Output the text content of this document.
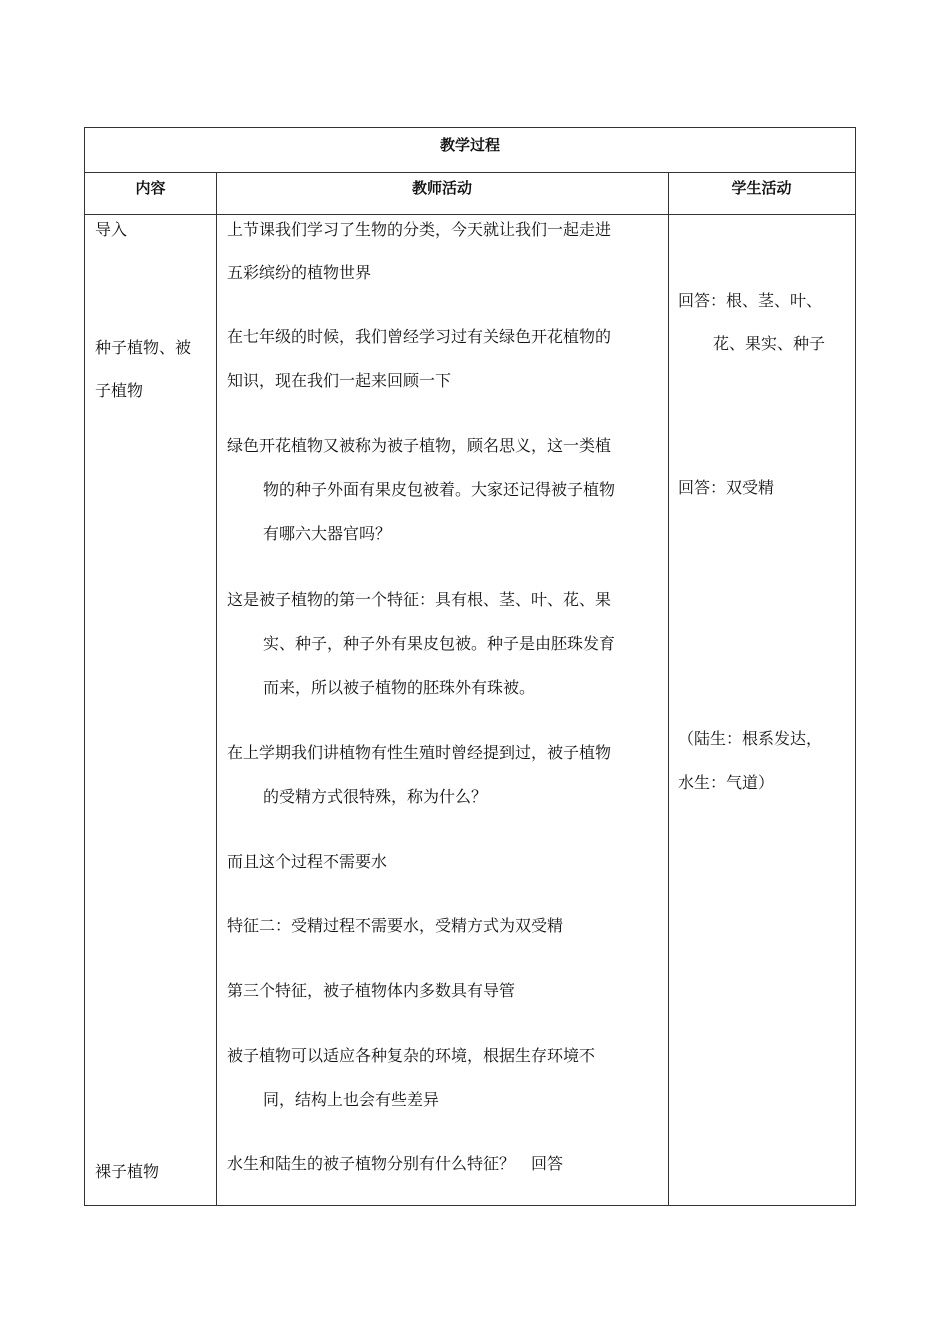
教学过程
内容	教师活动	学生活动
导入
种子植物、被
子植物
裸子植物
上节课我们学习了生物的分类，今天就让我们一起走进
五彩缤纷的植物世界
在七年级的时候，我们曾经学习过有关绿色开花植物的
知识，现在我们一起来回顾一下
绿色开花植物又被称为被子植物，顾名思义，这一类植
物的种子外面有果皮包被着。大家还记得被子植物
有哪六大器官吗？
这是被子植物的第一个特征：具有根、茎、叶、花、果
实、种子，种子外有果皮包被。种子是由胚珠发育
而来，所以被子植物的胚珠外有珠被。
在上学期我们讲植物有性生殖时曾经提到过，被子植物
的受精方式很特殊，称为什么？
而且这个过程不需要水
特征二：受精过程不需要水，受精方式为双受精
第三个特征，被子植物体内多数具有导管
被子植物可以适应各种复杂的环境，根据生存环境不
同，结构上也会有些差异
水生和陆生的被子植物分别有什么特征？　回答
回答：根、茎、叶、
花、果实、种子
回答：双受精
（陆生：根系发达，
水生：气道）
